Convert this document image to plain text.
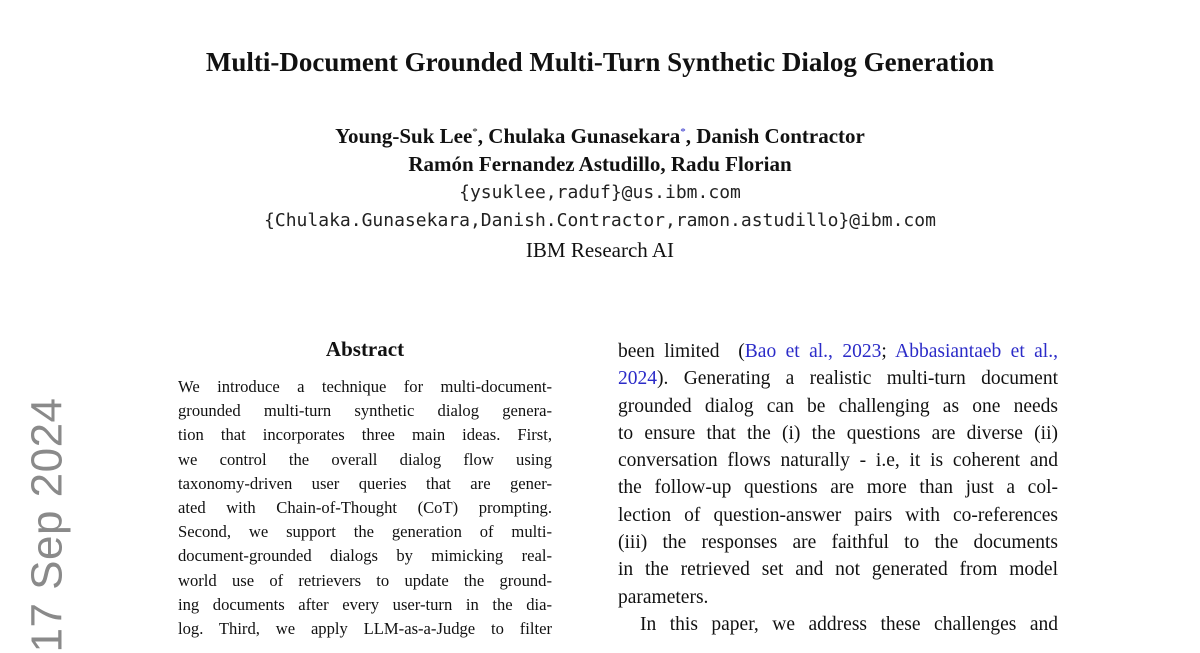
17 Sep 2024
Multi-Document Grounded Multi-Turn Synthetic Dialog Generation
Young-Suk Lee*, Chulaka Gunasekara*, Danish Contractor
Ramón Fernandez Astudillo, Radu Florian
{ysuklee,raduf}@us.ibm.com
{Chulaka.Gunasekara,Danish.Contractor,ramon.astudillo}@ibm.com
IBM Research AI
Abstract
We introduce a technique for multi-document-
grounded multi-turn synthetic dialog genera-
tion that incorporates three main ideas. First,
we control the overall dialog flow using
taxonomy-driven user queries that are gener-
ated with Chain-of-Thought (CoT) prompting.
Second, we support the generation of multi-
document-grounded dialogs by mimicking real-
world use of retrievers to update the ground-
ing documents after every user-turn in the dia-
log. Third, we apply LLM-as-a-Judge to filter
been limited  (Bao et al., 2023; Abbasiantaeb et al.,
2024). Generating a realistic multi-turn document
grounded dialog can be challenging as one needs
to ensure that the (i) the questions are diverse (ii)
conversation flows naturally - i.e, it is coherent and
the follow-up questions are more than just a col-
lection of question-answer pairs with co-references
(iii) the responses are faithful to the documents
in the retrieved set and not generated from model
parameters.
In this paper, we address these challenges and
